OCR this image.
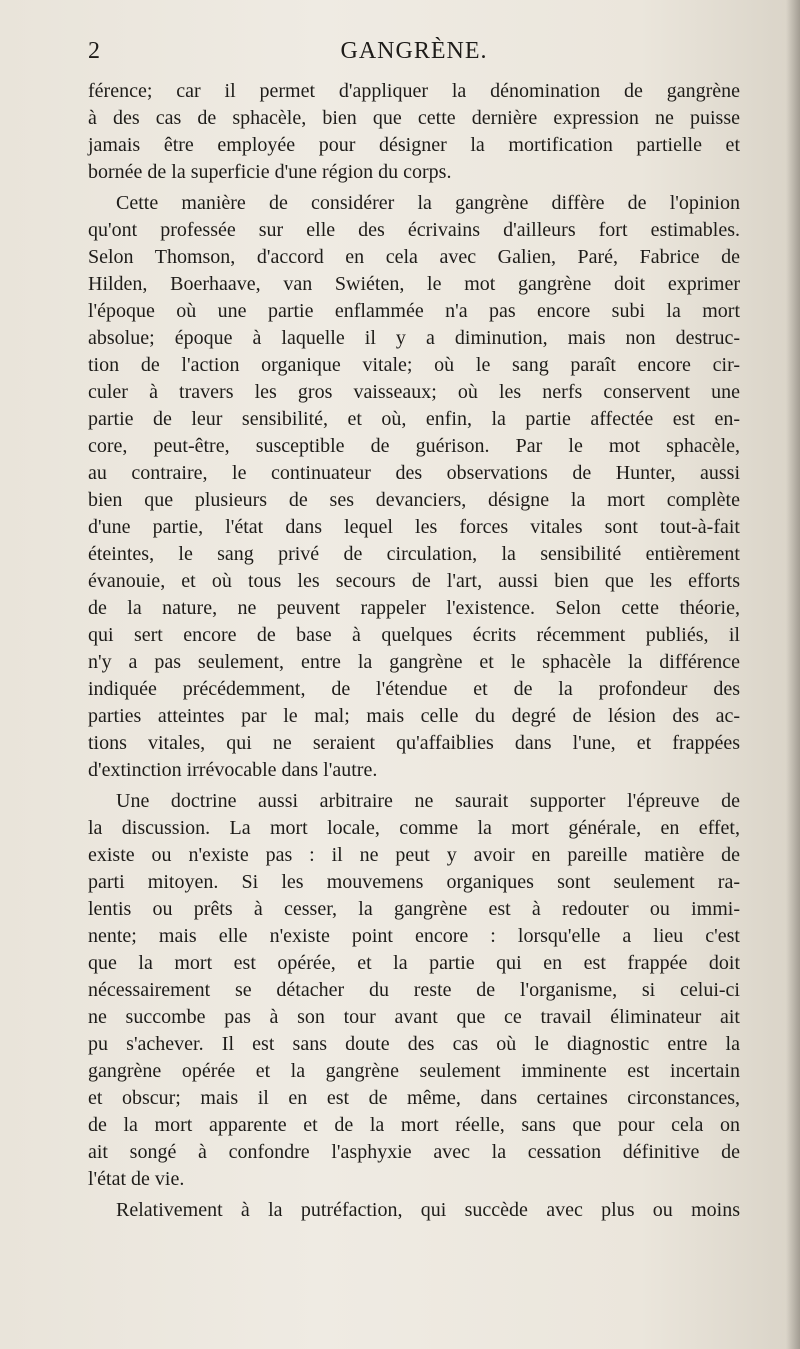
2	GANGRÈNE.
férence; car il permet d'appliquer la dénomination de gangrène
à des cas de sphacèle, bien que cette dernière expression ne puisse
jamais être employée pour désigner la mortification partielle et
bornée de la superficie d'une région du corps.
Cette manière de considérer la gangrène diffère de l'opinion
qu'ont professée sur elle des écrivains d'ailleurs fort estimables.
Selon Thomson, d'accord en cela avec Galien, Paré, Fabrice de
Hilden, Boerhaave, van Swiéten, le mot gangrène doit exprimer
l'époque où une partie enflammée n'a pas encore subi la mort
absolue; époque à laquelle il y a diminution, mais non destruc-
tion de l'action organique vitale; où le sang paraît encore cir-
culer à travers les gros vaisseaux; où les nerfs conservent une
partie de leur sensibilité, et où, enfin, la partie affectée est en-
core, peut-être, susceptible de guérison. Par le mot sphacèle,
au contraire, le continuateur des observations de Hunter, aussi
bien que plusieurs de ses devanciers, désigne la mort complète
d'une partie, l'état dans lequel les forces vitales sont tout-à-fait
éteintes, le sang privé de circulation, la sensibilité entièrement
évanouie, et où tous les secours de l'art, aussi bien que les efforts
de la nature, ne peuvent rappeler l'existence. Selon cette théorie,
qui sert encore de base à quelques écrits récemment publiés, il
n'y a pas seulement, entre la gangrène et le sphacèle la différence
indiquée précédemment, de l'étendue et de la profondeur des
parties atteintes par le mal; mais celle du degré de lésion des ac-
tions vitales, qui ne seraient qu'affaiblies dans l'une, et frappées
d'extinction irrévocable dans l'autre.
Une doctrine aussi arbitraire ne saurait supporter l'épreuve de
la discussion. La mort locale, comme la mort générale, en effet,
existe ou n'existe pas : il ne peut y avoir en pareille matière de
parti mitoyen. Si les mouvemens organiques sont seulement ra-
lentis ou prêts à cesser, la gangrène est à redouter ou immi-
nente; mais elle n'existe point encore : lorsqu'elle a lieu c'est
que la mort est opérée, et la partie qui en est frappée doit
nécessairement se détacher du reste de l'organisme, si celui-ci
ne succombe pas à son tour avant que ce travail éliminateur ait
pu s'achever. Il est sans doute des cas où le diagnostic entre la
gangrène opérée et la gangrène seulement imminente est incertain
et obscur; mais il en est de même, dans certaines circonstances,
de la mort apparente et de la mort réelle, sans que pour cela on
ait songé à confondre l'asphyxie avec la cessation définitive de
l'état de vie.
Relativement à la putréfaction, qui succède avec plus ou moins
